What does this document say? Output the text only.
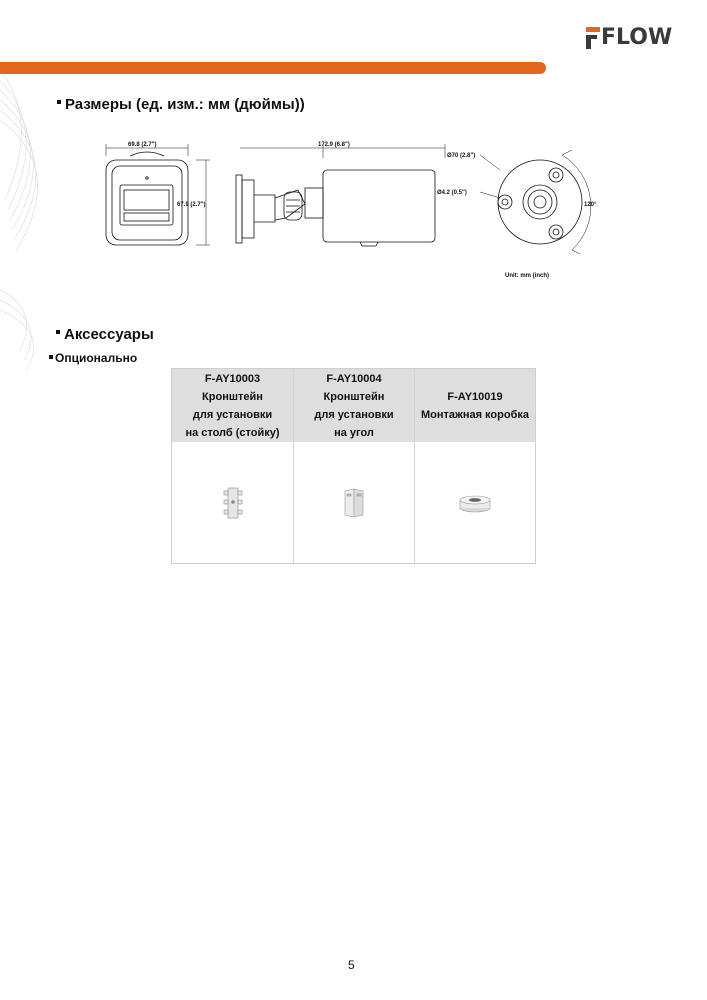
FLOW
Размеры (ед. изм.: мм (дюймы))
69.8 (2.7")
67.9 (2.7")
172.9 (6.8")
Ø70 (2.8")
Ø4.2 (0.5")
120°
Unit: mm (inch)
Аксессуары
Опционально
F-AY10003
Кронштейн
для установки
на столб (стойку)
F-AY10004
Кронштейн
для установки
на угол
F-AY10019
Монтажная коробка
5
